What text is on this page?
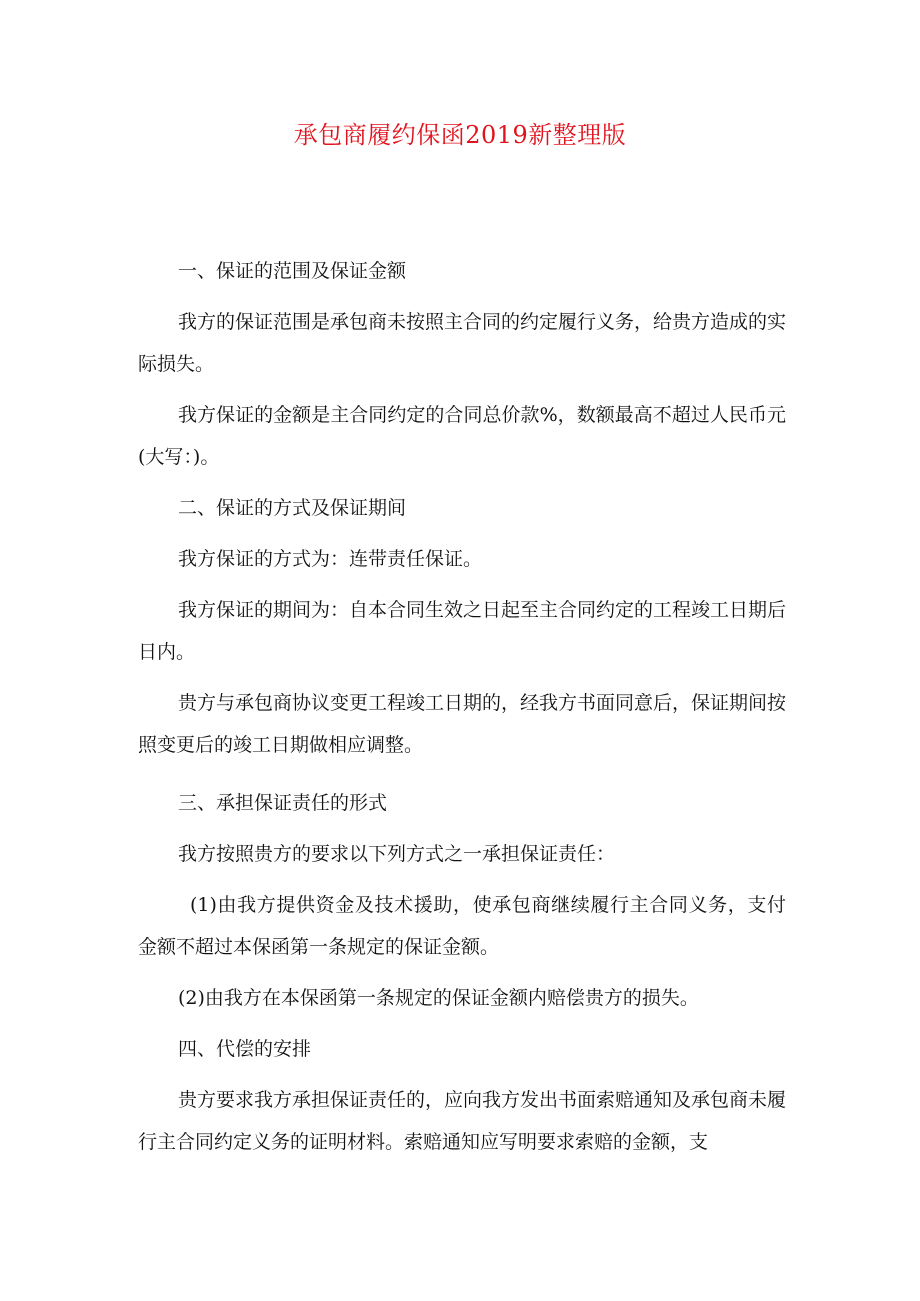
承包商履约保函2019新整理版

一、保证的范围及保证金额

我方的保证范围是承包商未按照主合同的约定履行义务，给贵方造成的实际损失。

我方保证的金额是主合同约定的合同总价款%，数额最高不超过人民币元(大写：)。

二、保证的方式及保证期间

我方保证的方式为：连带责任保证。

我方保证的期间为：自本合同生效之日起至主合同约定的工程竣工日期后日内。

贵方与承包商协议变更工程竣工日期的，经我方书面同意后，保证期间按照变更后的竣工日期做相应调整。

三、承担保证责任的形式

我方按照贵方的要求以下列方式之一承担保证责任：

(1)由我方提供资金及技术援助，使承包商继续履行主合同义务，支付金额不超过本保函第一条规定的保证金额。

(2)由我方在本保函第一条规定的保证金额内赔偿贵方的损失。

四、代偿的安排

贵方要求我方承担保证责任的，应向我方发出书面索赔通知及承包商未履行主合同约定义务的证明材料。索赔通知应写明要求索赔的金额，支
